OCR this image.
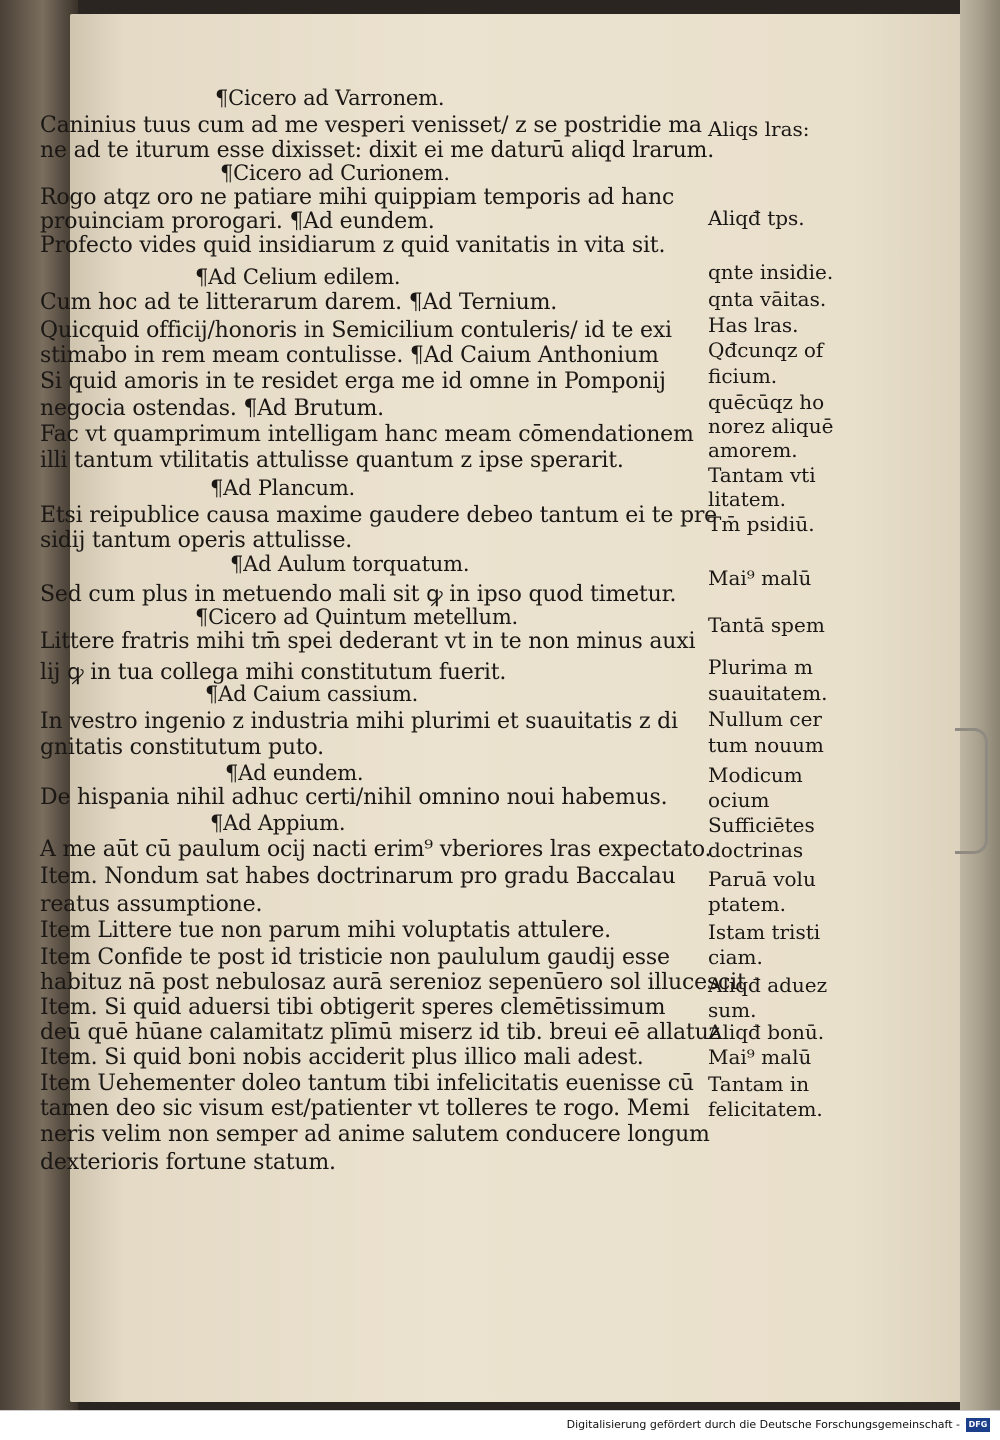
¶Cicero ad Varronem.
Caninius tuus cum ad me vesperi venisset/ z se postridie ma
ne ad te iturum esse dixisset: dixit ei me daturū aliqd lrarum.
¶Cicero ad Curionem.
Rogo atqz oro ne patiare mihi quippiam temporis ad hanc
prouinciam prorogari. ¶Ad eundem.
Profecto vides quid insidiarum z quid vanitatis in vita sit.
¶Ad Celium edilem.
Cum hoc ad te litterarum darem. ¶Ad Ternium.
Quicquid officij/honoris in Semicilium contuleris/ id te exi
stimabo in rem meam contulisse. ¶Ad Caium Anthonium
Si quid amoris in te residet erga me id omne in Pomponij
negocia ostendas. ¶Ad Brutum.
Fac vt quamprimum intelligam hanc meam cōmendationem
illi tantum vtilitatis attulisse quantum z ipse sperarit.
¶Ad Plancum.
Etsi reipublice causa maxime gaudere debeo tantum ei te pre
sidij tantum operis attulisse.
¶Ad Aulum torquatum.
Sed cum plus in metuendo mali sit ꝙ in ipso quod timetur.
¶Cicero ad Quintum metellum.
Littere fratris mihi tm̄ spei dederant vt in te non minus auxi
lij ꝙ in tua collega mihi constitutum fuerit.
¶Ad Caium cassium.
In vestro ingenio z industria mihi plurimi et suauitatis z di
gnitatis constitutum puto.
¶Ad eundem.
De hispania nihil adhuc certi/nihil omnino noui habemus.
¶Ad Appium.
A me aūt cū paulum ocij nacti erim⁹ vberiores lras expectato.
Item. Nondum sat habes doctrinarum pro gradu Baccalau
reatus assumptione.
Item Littere tue non parum mihi voluptatis attulere.
Item Confide te post id tristicie non paululum gaudij esse
habituz nā post nebulosaz aurā serenioz sepenūero sol illucescit
Item. Si quid aduersi tibi obtigerit speres clemētissimum
deū quē hūane calamitatz plīmū miserz id tib. breui eē allatuz
Item. Si quid boni nobis acciderit plus illico mali adest.
Item Uehementer doleo tantum tibi infelicitatis euenisse cū
tamen deo sic visum est/patienter vt tolleres te rogo. Memi
neris velim non semper ad anime salutem conducere longum
dexterioris fortune statum.
Aliqs lras:
Aliqđ tps.
qnte insidie.
qnta vāitas.
Has lras.
Qđcunqz of
ficium.
quēcūqz ho
norez aliquē
amorem.
Tantam vti
litatem.
Tm̄ psidiū.
Mai⁹ malū
Tantā spem
Plurima m
suauitatem.
Nullum cer
tum nouum
Modicum
ocium
Sufficiētes
doctrinas
Paruā volu
ptatem.
Istam tristi
ciam.
Aliqđ aduez
sum.
Aliqđ bonū.
Mai⁹ malū
Tantam in
felicitatem.
Digitalisierung gefördert durch die Deutsche Forschungsgemeinschaft -	DFG
